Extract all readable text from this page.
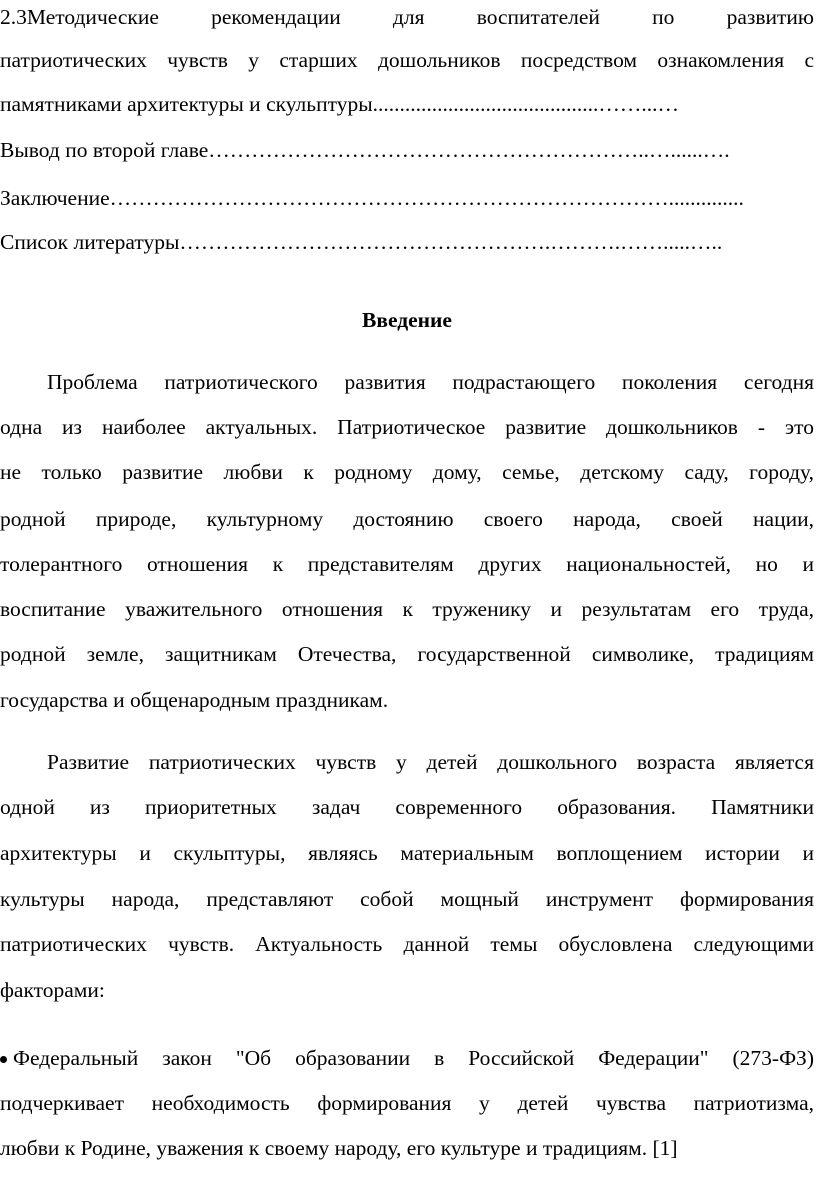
2.3Методические рекомендации для воспитателей по развитию
патриотических чувств у старших дошольников посредством ознакомления с
памятниками архитектуры и скульптуры..........................................……...…
Вывод по второй главе……………………………………………………..…......….
Заключение……………………………………………………………………..............
Список литературы…………………………………………….……….…….....…..
Введение
Проблема патриотического развития подрастающего поколения сегодня
одна из наиболее актуальных. Патриотическое развитие дошкольников - это
не только развитие любви к родному дому, семье, детскому саду, городу,
родной природе, культурному достоянию своего народа, своей нации,
толерантного отношения к представителям других национальностей, но и
воспитание уважительного отношения к труженику и результатам его труда,
родной земле, защитникам Отечества, государственной символике, традициям
государства и общенародным праздникам.
Развитие патриотических чувств у детей дошкольного возраста является
одной из приоритетных задач современного образования. Памятники
архитектуры и скульптуры, являясь материальным воплощением истории и
культуры народа, представляют собой мощный инструмент формирования
патриотических чувств. Актуальность данной темы обусловлена следующими
факторами:
Федеральный закон "Об образовании в Российской Федерации" (273-ФЗ)
подчеркивает необходимость формирования у детей чувства патриотизма,
любви к Родине, уважения к своему народу, его культуре и традициям. [1]
